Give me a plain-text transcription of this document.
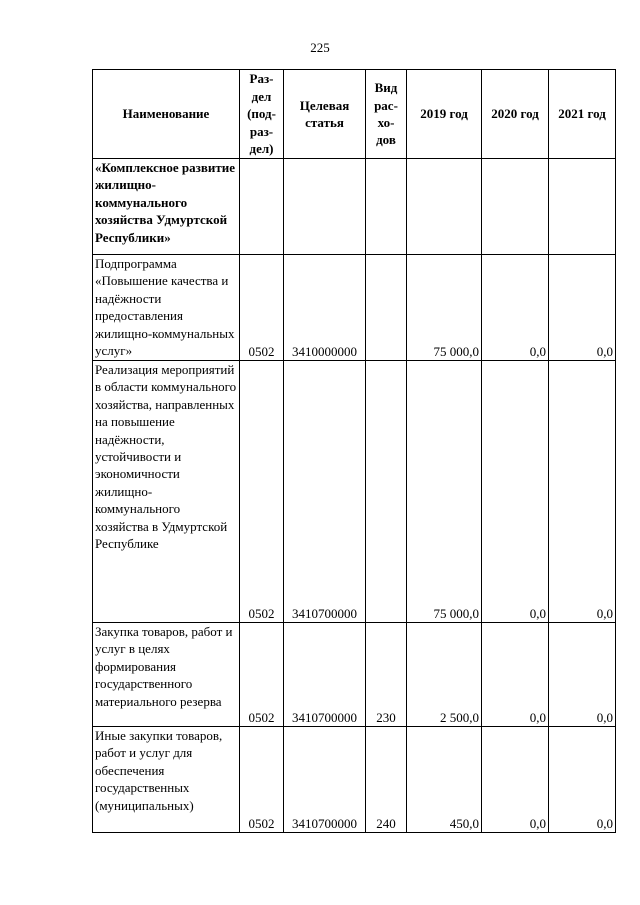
225
Наименование	Раз-
дел
(под-
раз-
дел)	Целевая
статья	Вид
рас-
хо-
дов	2019 год	2020 год	2021 год
«Комплексное развитие жилищно-коммунального хозяйства Удмуртской Республики»						
Подпрограмма «Повышение качества и надёжности предоставления жилищно-коммунальных услуг»	0502	3410000000		75 000,0	0,0	0,0
Реализация мероприятий в области коммунального хозяйства, направленных на повышение надёжности, устойчивости и экономичности жилищно-коммунального хозяйства в Удмуртской Республике	0502	3410700000		75 000,0	0,0	0,0
Закупка товаров, работ и услуг в целях формирования государственного материального резерва	0502	3410700000	230	2 500,0	0,0	0,0
Иные закупки товаров, работ и услуг для обеспечения государственных (муниципальных)	0502	3410700000	240	450,0	0,0	0,0
